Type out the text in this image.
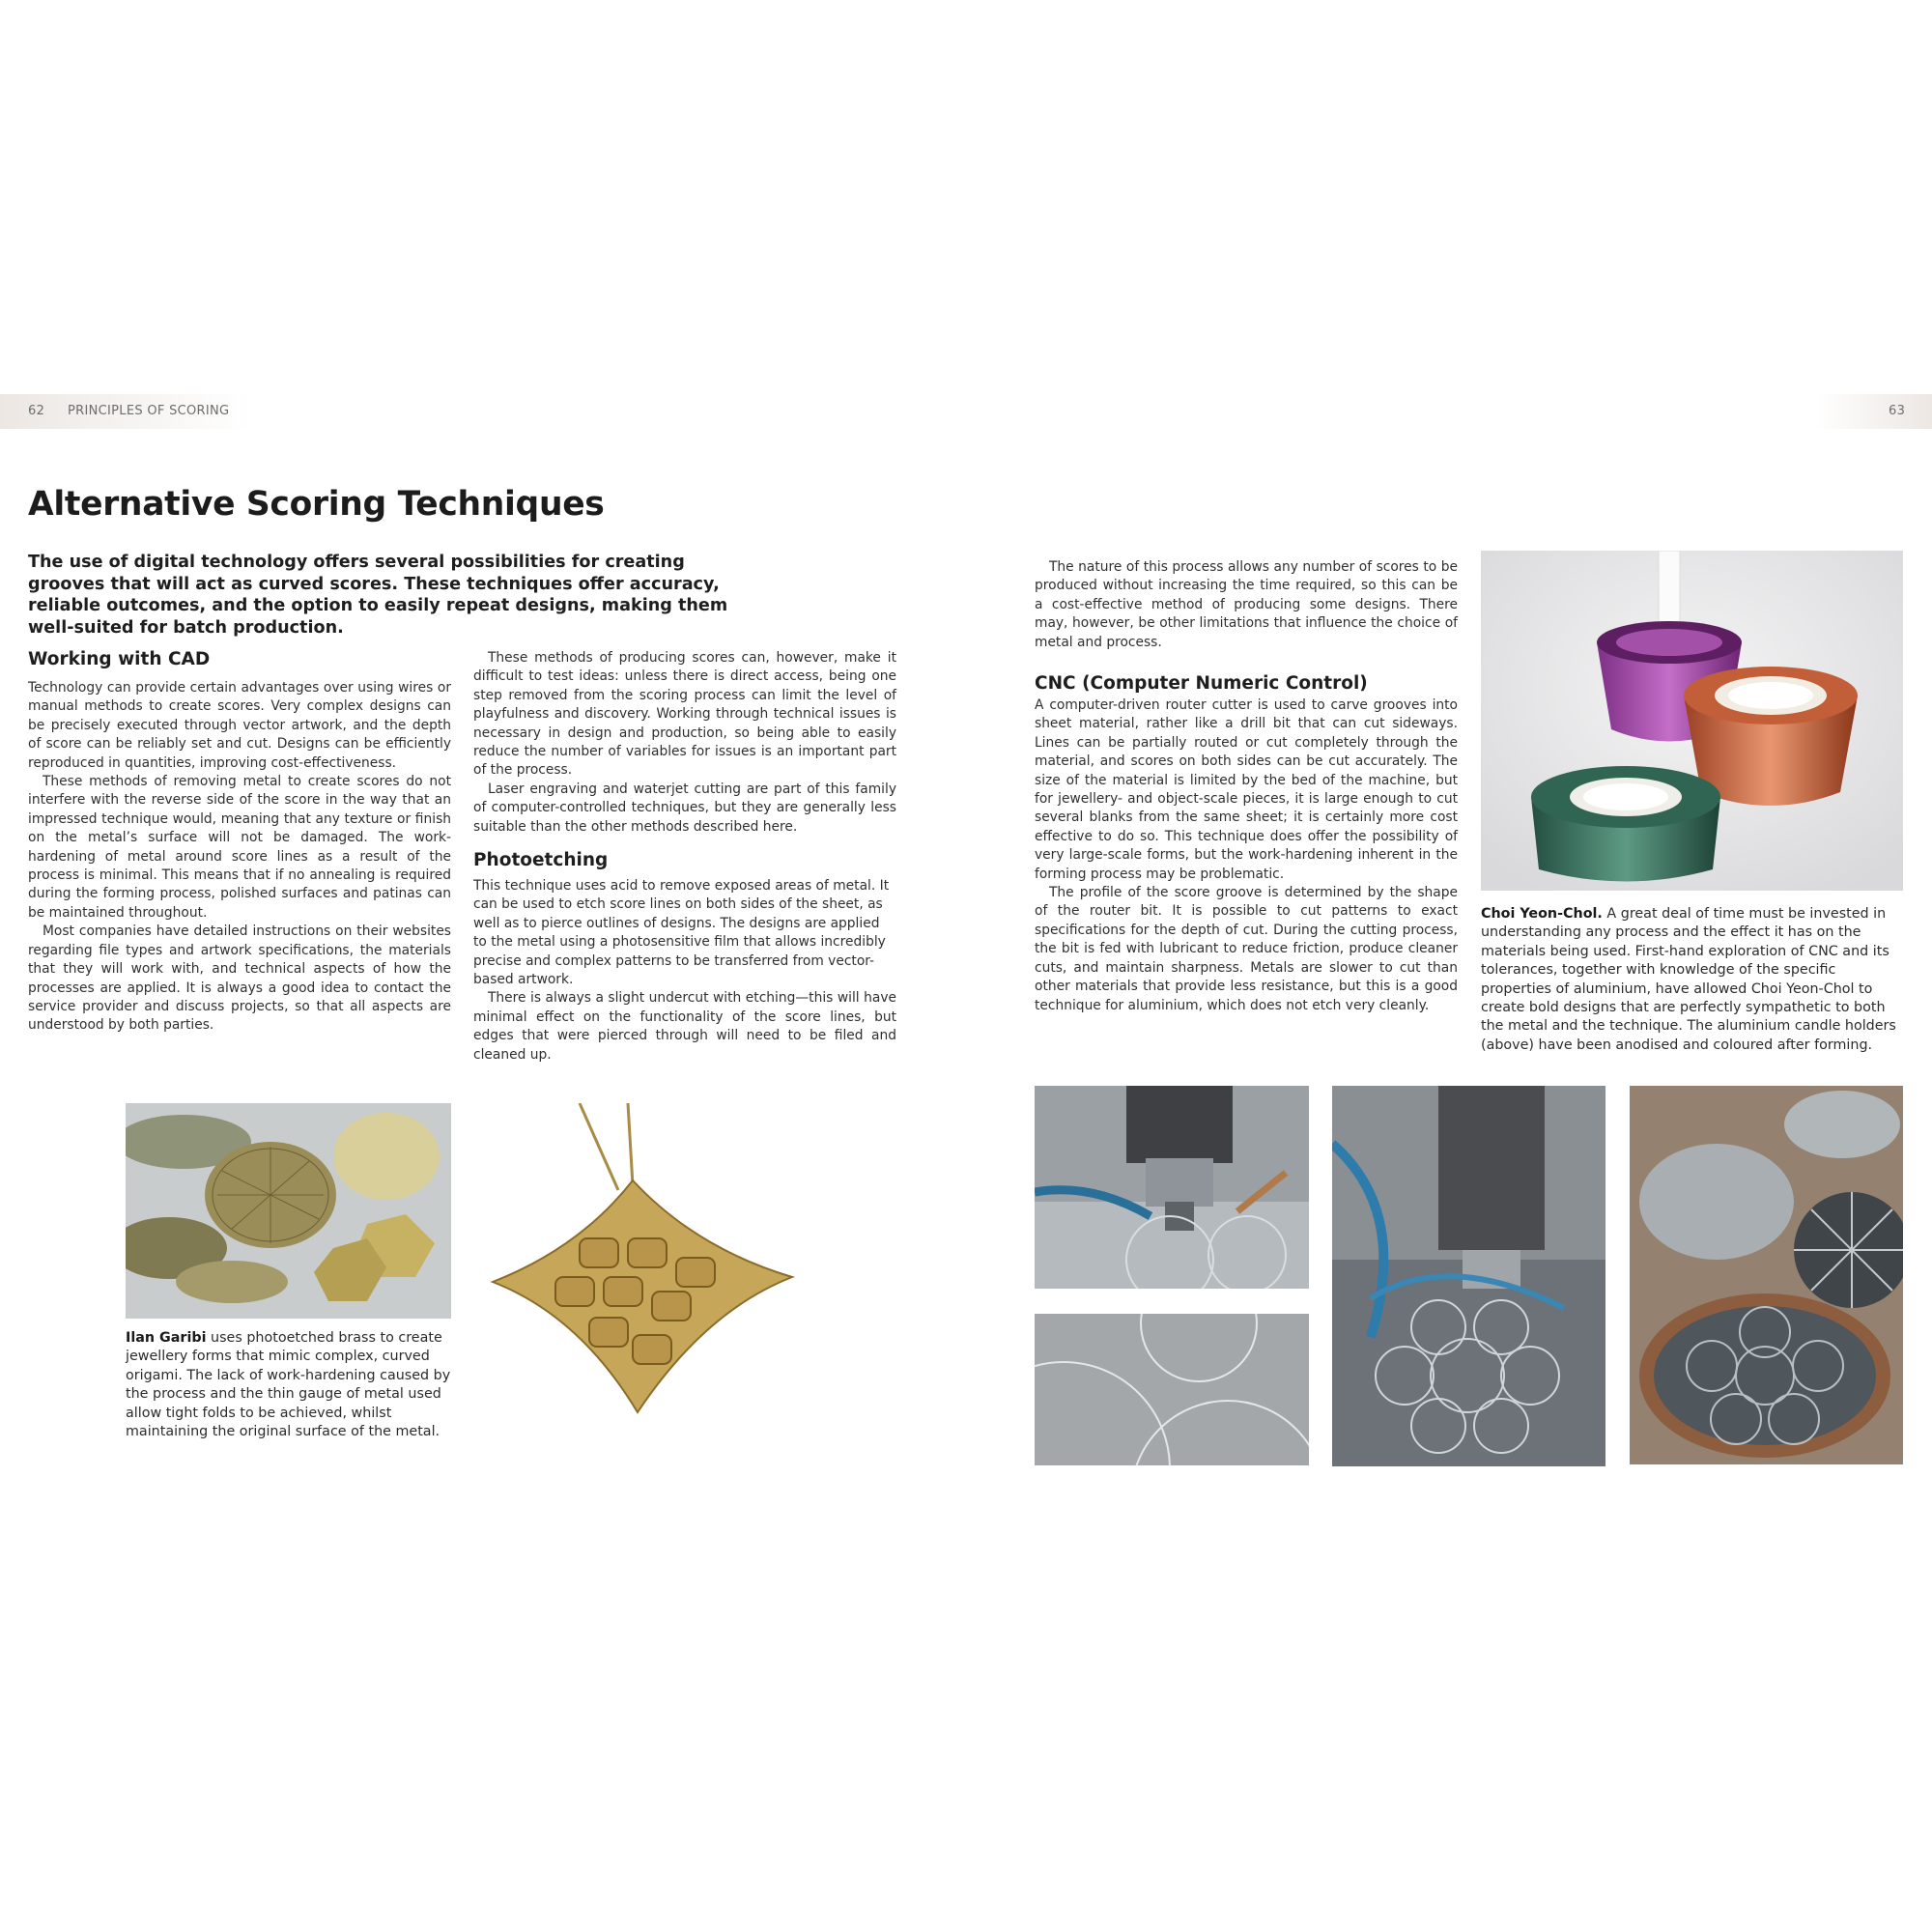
62 PRINCIPLES OF SCORING	63
Alternative Scoring Techniques

The use of digital technology offers several possibilities for creating grooves that will act as curved scores. These techniques offer accuracy, reliable outcomes, and the option to easily repeat designs, making them well-suited for batch production.

Working with CAD

Technology can provide certain advantages over using wires or manual methods to create scores. Very complex designs can be precisely executed through vector artwork, and the depth of score can be reliably set and cut. Designs can be efficiently reproduced in quantities, improving cost-effectiveness.

These methods of removing metal to create scores do not interfere with the reverse side of the score in the way that an impressed technique would, meaning that any texture or finish on the metal’s surface will not be damaged. The work-hardening of metal around score lines as a result of the process is minimal. This means that if no annealing is required during the forming process, polished surfaces and patinas can be maintained throughout.

Most companies have detailed instructions on their websites regarding file types and artwork specifications, the materials that they will work with, and technical aspects of how the processes are applied. It is always a good idea to contact the service provider and discuss projects, so that all aspects are understood by both parties.

These methods of producing scores can, however, make it difficult to test ideas: unless there is direct access, being one step removed from the scoring process can limit the level of playfulness and discovery. Working through technical issues is necessary in design and production, so being able to easily reduce the number of variables for issues is an important part of the process.

Laser engraving and waterjet cutting are part of this family of computer-controlled techniques, but they are generally less suitable than the other methods described here.

Photoetching

This technique uses acid to remove exposed areas of metal. It can be used to etch score lines on both sides of the sheet, as well as to pierce outlines of designs. The designs are applied to the metal using a photosensitive film that allows incredibly precise and complex patterns to be transferred from vector-based artwork.

There is always a slight undercut with etching—this will have minimal effect on the functionality of the score lines, but edges that were pierced through will need to be filed and cleaned up.

The nature of this process allows any number of scores to be produced without increasing the time required, so this can be a cost-effective method of producing some designs. There may, however, be other limitations that influence the choice of metal and process.

CNC (Computer Numeric Control)

A computer-driven router cutter is used to carve grooves into sheet material, rather like a drill bit that can cut sideways. Lines can be partially routed or cut completely through the material, and scores on both sides can be cut accurately. The size of the material is limited by the bed of the machine, but for jewellery- and object-scale pieces, it is large enough to cut several blanks from the same sheet; it is certainly more cost effective to do so. This technique does offer the possibility of very large-scale forms, but the work-hardening inherent in the forming process may be problematic.

The profile of the score groove is determined by the shape of the router bit. It is possible to cut patterns to exact specifications for the depth of cut. During the cutting process, the bit is fed with lubricant to reduce friction, produce cleaner cuts, and maintain sharpness. Metals are slower to cut than other materials that provide less resistance, but this is a good technique for aluminium, which does not etch very cleanly.

Choi Yeon-Chol. A great deal of time must be invested in understanding any process and the effect it has on the materials being used. First-hand exploration of CNC and its tolerances, together with knowledge of the specific properties of aluminium, have allowed Choi Yeon-Chol to create bold designs that are perfectly sympathetic to both the metal and the technique. The aluminium candle holders (above) have been anodised and coloured after forming.
Ilan Garibi uses photoetched brass to create jewellery forms that mimic complex, curved origami. The lack of work-hardening caused by the process and the thin gauge of metal used allow tight folds to be achieved, whilst maintaining the original surface of the metal.
